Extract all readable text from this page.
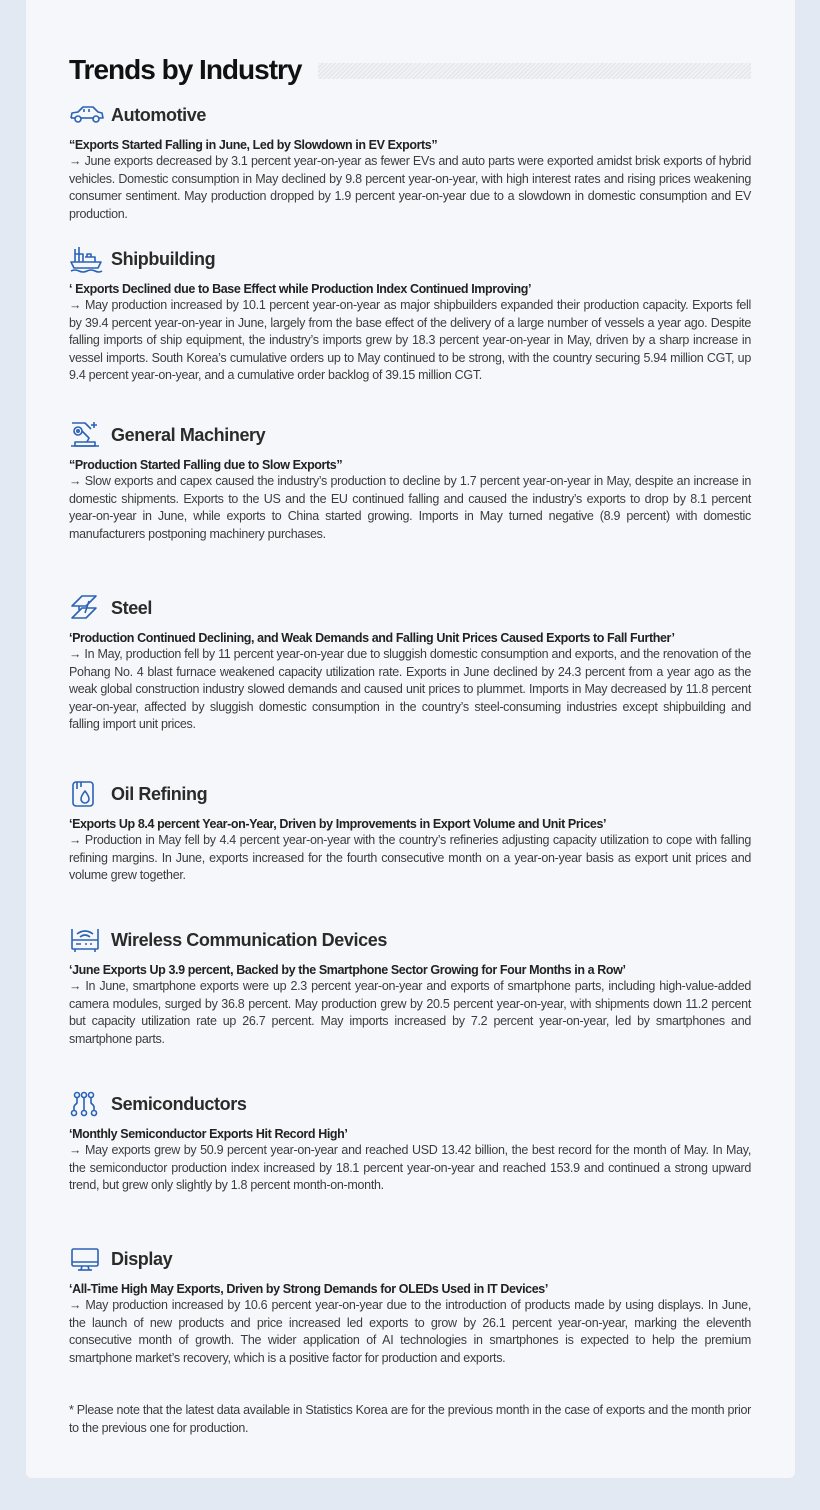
Trends by Industry
Automotive
“Exports Started Falling in June, Led by Slowdown in EV Exports”
→ June exports decreased by 3.1 percent year-on-year as fewer EVs and auto parts were exported amidst brisk exports of hybrid vehicles. Domestic consumption in May declined by 9.8 percent year-on-year, with high interest rates and rising prices weakening consumer sentiment. May production dropped by 1.9 percent year-on-year due to a slowdown in domestic consumption and EV production.
Shipbuilding
‘ Exports Declined due to Base Effect while Production Index Continued Improving’
→ May production increased by 10.1 percent year-on-year as major shipbuilders expanded their production capacity. Exports fell by 39.4 percent year-on-year in June, largely from the base effect of the delivery of a large number of vessels a year ago. Despite falling imports of ship equipment, the industry’s imports grew by 18.3 percent year-on-year in May, driven by a sharp increase in vessel imports. South Korea’s cumulative orders up to May continued to be strong, with the country securing 5.94 million CGT, up 9.4 percent year-on-year, and a cumulative order backlog of 39.15 million CGT.
General Machinery
“Production Started Falling due to Slow Exports”
→ Slow exports and capex caused the industry’s production to decline by 1.7 percent year-on-year in May, despite an increase in domestic shipments. Exports to the US and the EU continued falling and caused the industry’s exports to drop by 8.1 percent year-on-year in June, while exports to China started growing. Imports in May turned negative (8.9 percent) with domestic manufacturers postponing machinery purchases.
Steel
‘Production Continued Declining, and Weak Demands and Falling Unit Prices Caused Exports to Fall Further’
→ In May, production fell by 11 percent year-on-year due to sluggish domestic consumption and exports, and the renovation of the Pohang No. 4 blast furnace weakened capacity utilization rate. Exports in June declined by 24.3 percent from a year ago as the weak global construction industry slowed demands and caused unit prices to plummet. Imports in May decreased by 11.8 percent year-on-year, affected by sluggish domestic consumption in the country’s steel-consuming industries except shipbuilding and falling import unit prices.
Oil Refining
‘Exports Up 8.4 percent Year-on-Year, Driven by Improvements in Export Volume and Unit Prices’
→ Production in May fell by 4.4 percent year-on-year with the country’s refineries adjusting capacity utilization to cope with falling refining margins. In June, exports increased for the fourth consecutive month on a year-on-year basis as export unit prices and volume grew together.
Wireless Communication Devices
‘June Exports Up 3.9 percent, Backed by the Smartphone Sector Growing for Four Months in a Row’
→ In June, smartphone exports were up 2.3 percent year-on-year and exports of smartphone parts, including high-value-added camera modules, surged by 36.8 percent. May production grew by 20.5 percent year-on-year, with shipments down 11.2 percent but capacity utilization rate up 26.7 percent. May imports increased by 7.2 percent year-on-year, led by smartphones and smartphone parts.
Semiconductors
‘Monthly Semiconductor Exports Hit Record High’
→ May exports grew by 50.9 percent year-on-year and reached USD 13.42 billion, the best record for the month of May. In May, the semiconductor production index increased by 18.1 percent year-on-year and reached 153.9 and continued a strong upward trend, but grew only slightly by 1.8 percent month-on-month.
Display
‘All-Time High May Exports, Driven by Strong Demands for OLEDs Used in IT Devices’
→ May production increased by 10.6 percent year-on-year due to the introduction of products made by using displays. In June, the launch of new products and price increased led exports to grow by 26.1 percent year-on-year, marking the eleventh consecutive month of growth. The wider application of AI technologies in smartphones is expected to help the premium smartphone market’s recovery, which is a positive factor for production and exports.
* Please note that the latest data available in Statistics Korea are for the previous month in the case of exports and the month prior to the previous one for production.
